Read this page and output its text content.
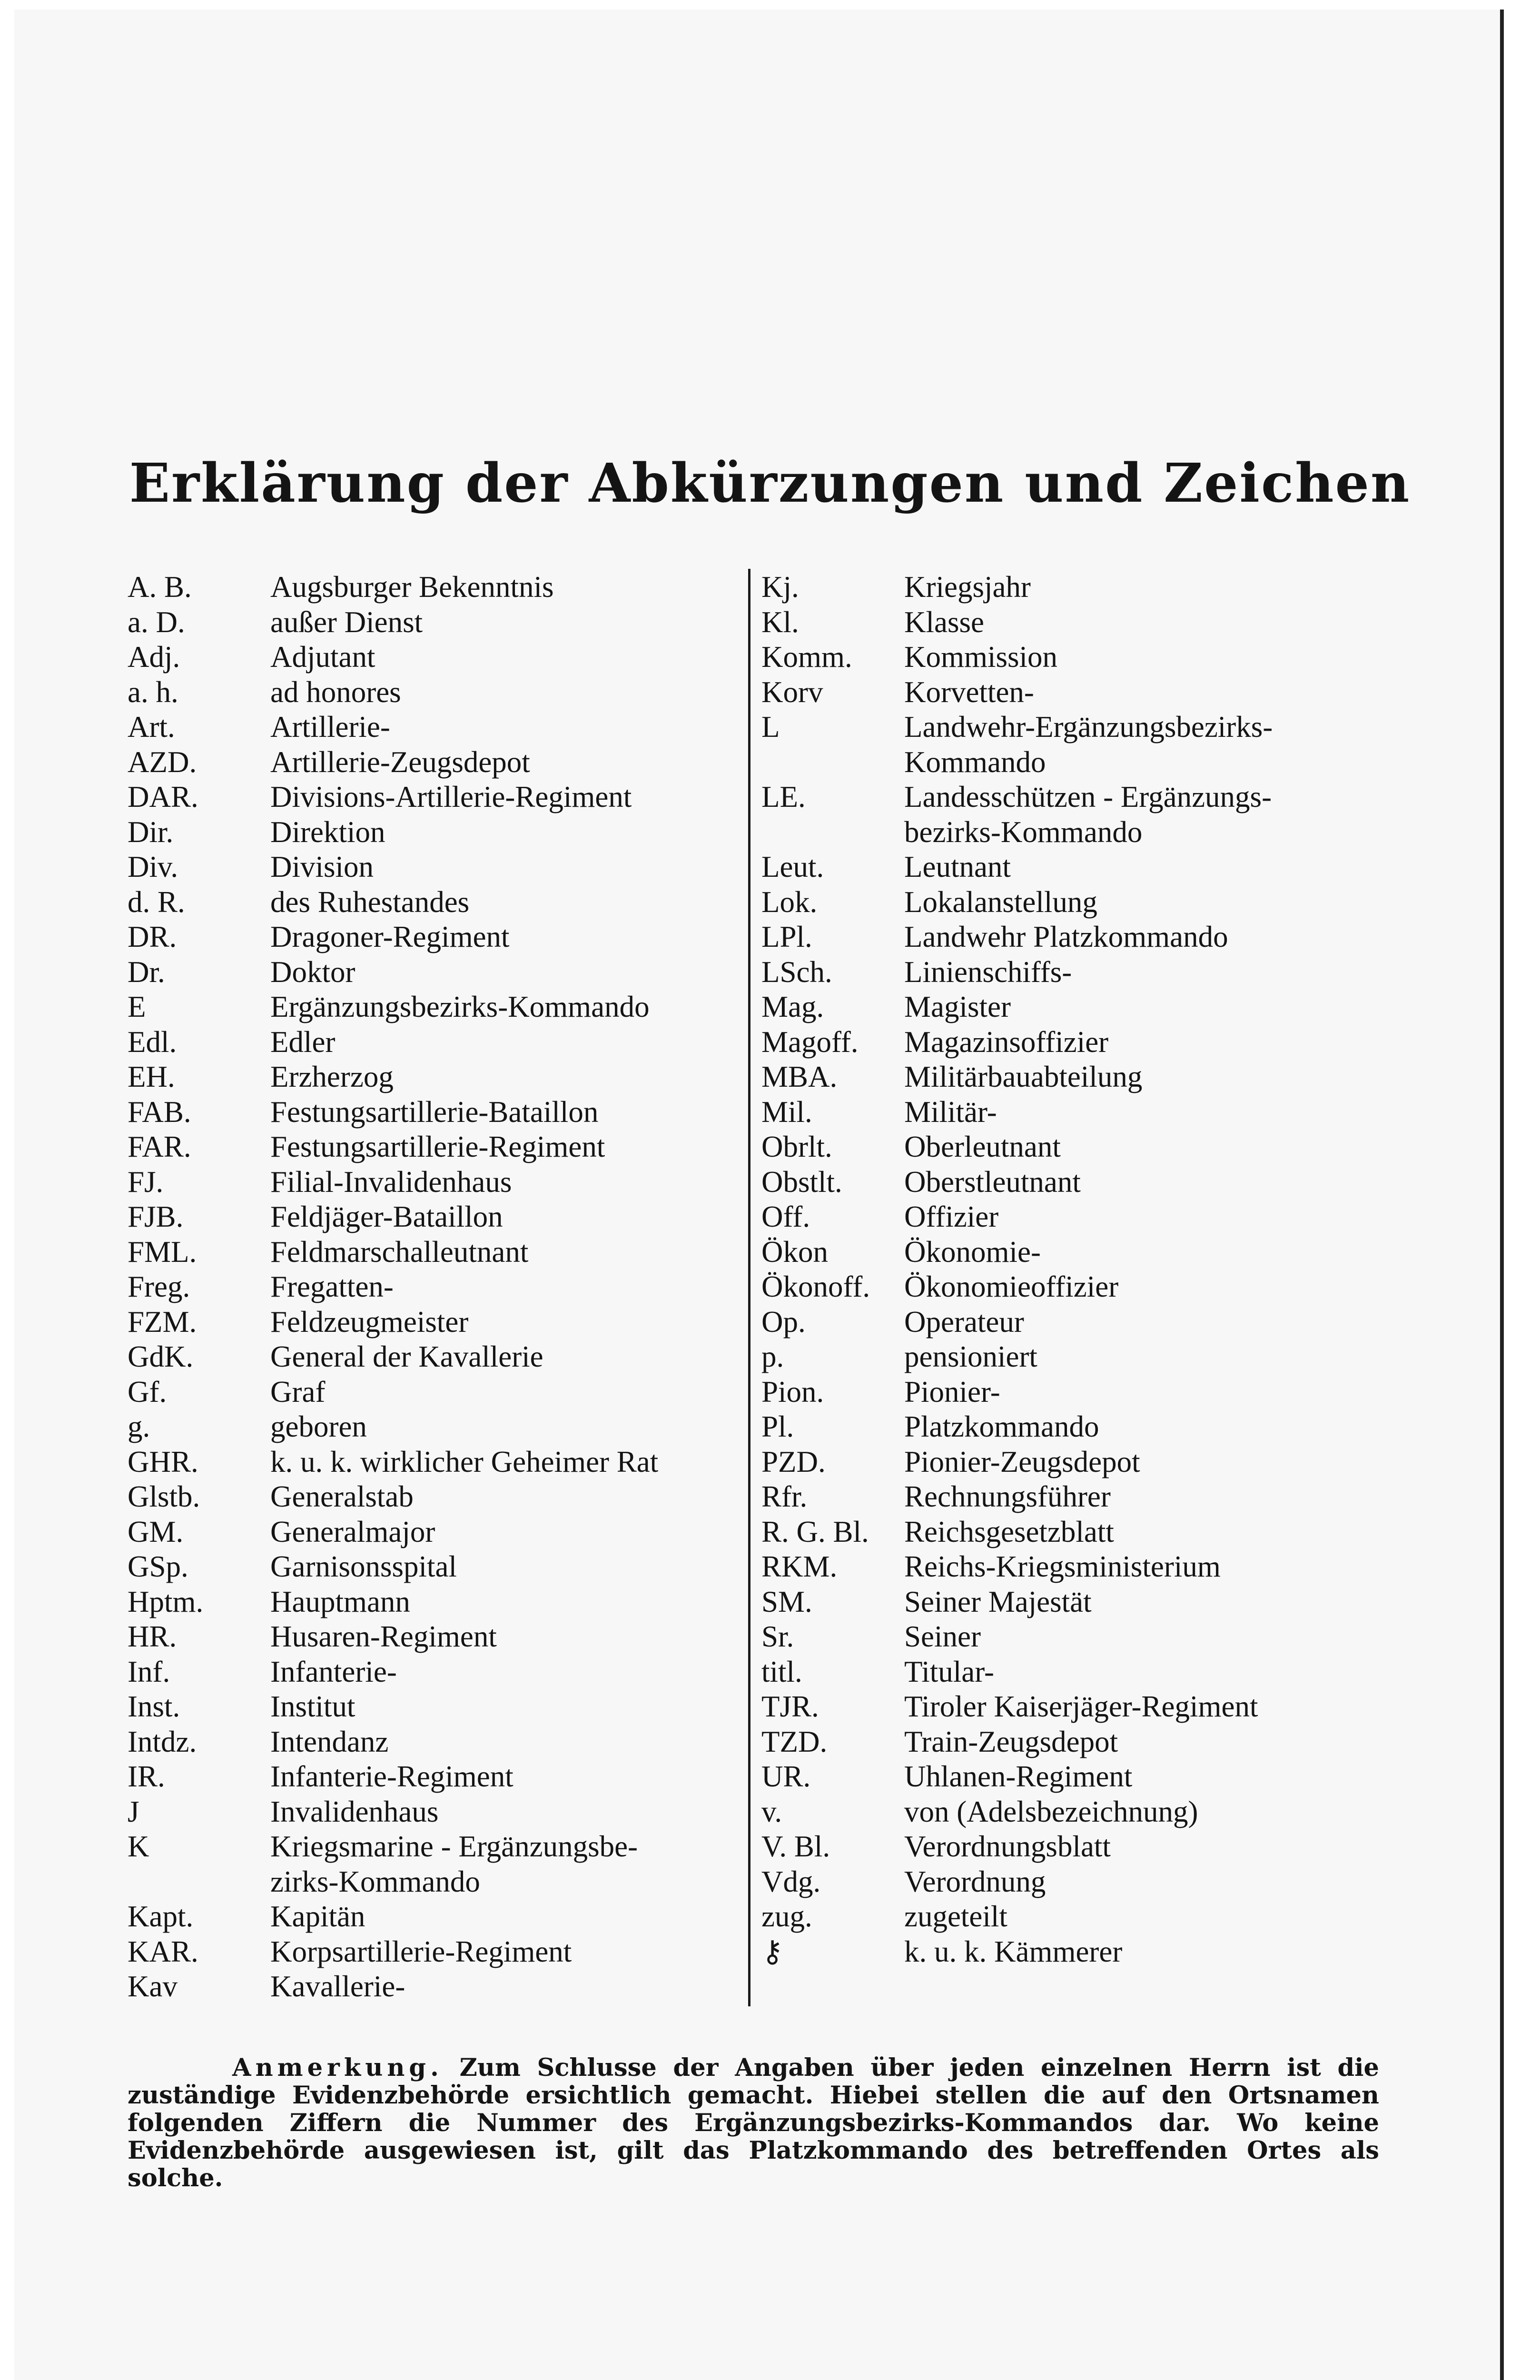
Erklärung der Abkürzungen und Zeichen
A. B.	Augsburger Bekenntnis
a. D.	außer Dienst
Adj.	Adjutant
a. h.	ad honores
Art.	Artillerie-
AZD.	Artillerie-Zeugsdepot
DAR.	Divisions-Artillerie-Regiment
Dir.	Direktion
Div.	Division
d. R.	des Ruhestandes
DR.	Dragoner-Regiment
Dr.	Doktor
E	Ergänzungsbezirks-Kommando
Edl.	Edler
EH.	Erzherzog
FAB.	Festungsartillerie-Bataillon
FAR.	Festungsartillerie-Regiment
FJ.	Filial-Invalidenhaus
FJB.	Feldjäger-Bataillon
FML.	Feldmarschalleutnant
Freg.	Fregatten-
FZM.	Feldzeugmeister
GdK.	General der Kavallerie
Gf.	Graf
g.	geboren
GHR.	k. u. k. wirklicher Geheimer Rat
Glstb.	Generalstab
GM.	Generalmajor
GSp.	Garnisonsspital
Hptm.	Hauptmann
HR.	Husaren-Regiment
Inf.	Infanterie-
Inst.	Institut
Intdz.	Intendanz
IR.	Infanterie-Regiment
J	Invalidenhaus
K	Kriegsmarine - Ergänzungsbe-
zirks-Kommando
Kapt.	Kapitän
KAR.	Korpsartillerie-Regiment
Kav	Kavallerie-
Kj.	Kriegsjahr
Kl.	Klasse
Komm.	Kommission
Korv	Korvetten-
L	Landwehr-Ergänzungsbezirks-
Kommando
LE.	Landesschützen - Ergänzungs-
bezirks-Kommando
Leut.	Leutnant
Lok.	Lokalanstellung
LPl.	Landwehr Platzkommando
LSch.	Linienschiffs-
Mag.	Magister
Magoff.	Magazinsoffizier
MBA.	Militärbauabteilung
Mil.	Militär-
Obrlt.	Oberleutnant
Obstlt.	Oberstleutnant
Off.	Offizier
Ökon	Ökonomie-
Ökonoff.	Ökonomieoffizier
Op.	Operateur
p.	pensioniert
Pion.	Pionier-
Pl.	Platzkommando
PZD.	Pionier-Zeugsdepot
Rfr.	Rechnungsführer
R. G. Bl.	Reichsgesetzblatt
RKM.	Reichs-Kriegsministerium
SM.	Seiner Majestät
Sr.	Seiner
titl.	Titular-
TJR.	Tiroler Kaiserjäger-Regiment
TZD.	Train-Zeugsdepot
UR.	Uhlanen-Regiment
v.	von (Adelsbezeichnung)
V. Bl.	Verordnungsblatt
Vdg.	Verordnung
zug.	zugeteilt
⚷	k. u. k. Kämmerer
Anmerkung. Zum Schlusse der Angaben über jeden einzelnen Herrn ist die zuständige Evidenzbehörde ersichtlich gemacht. Hiebei stellen die auf den Ortsnamen folgenden Ziffern die Nummer des Ergänzungsbezirks-Kommandos dar. Wo keine Evidenzbehörde ausgewiesen ist, gilt das Platzkommando des betreffenden Ortes als solche.
